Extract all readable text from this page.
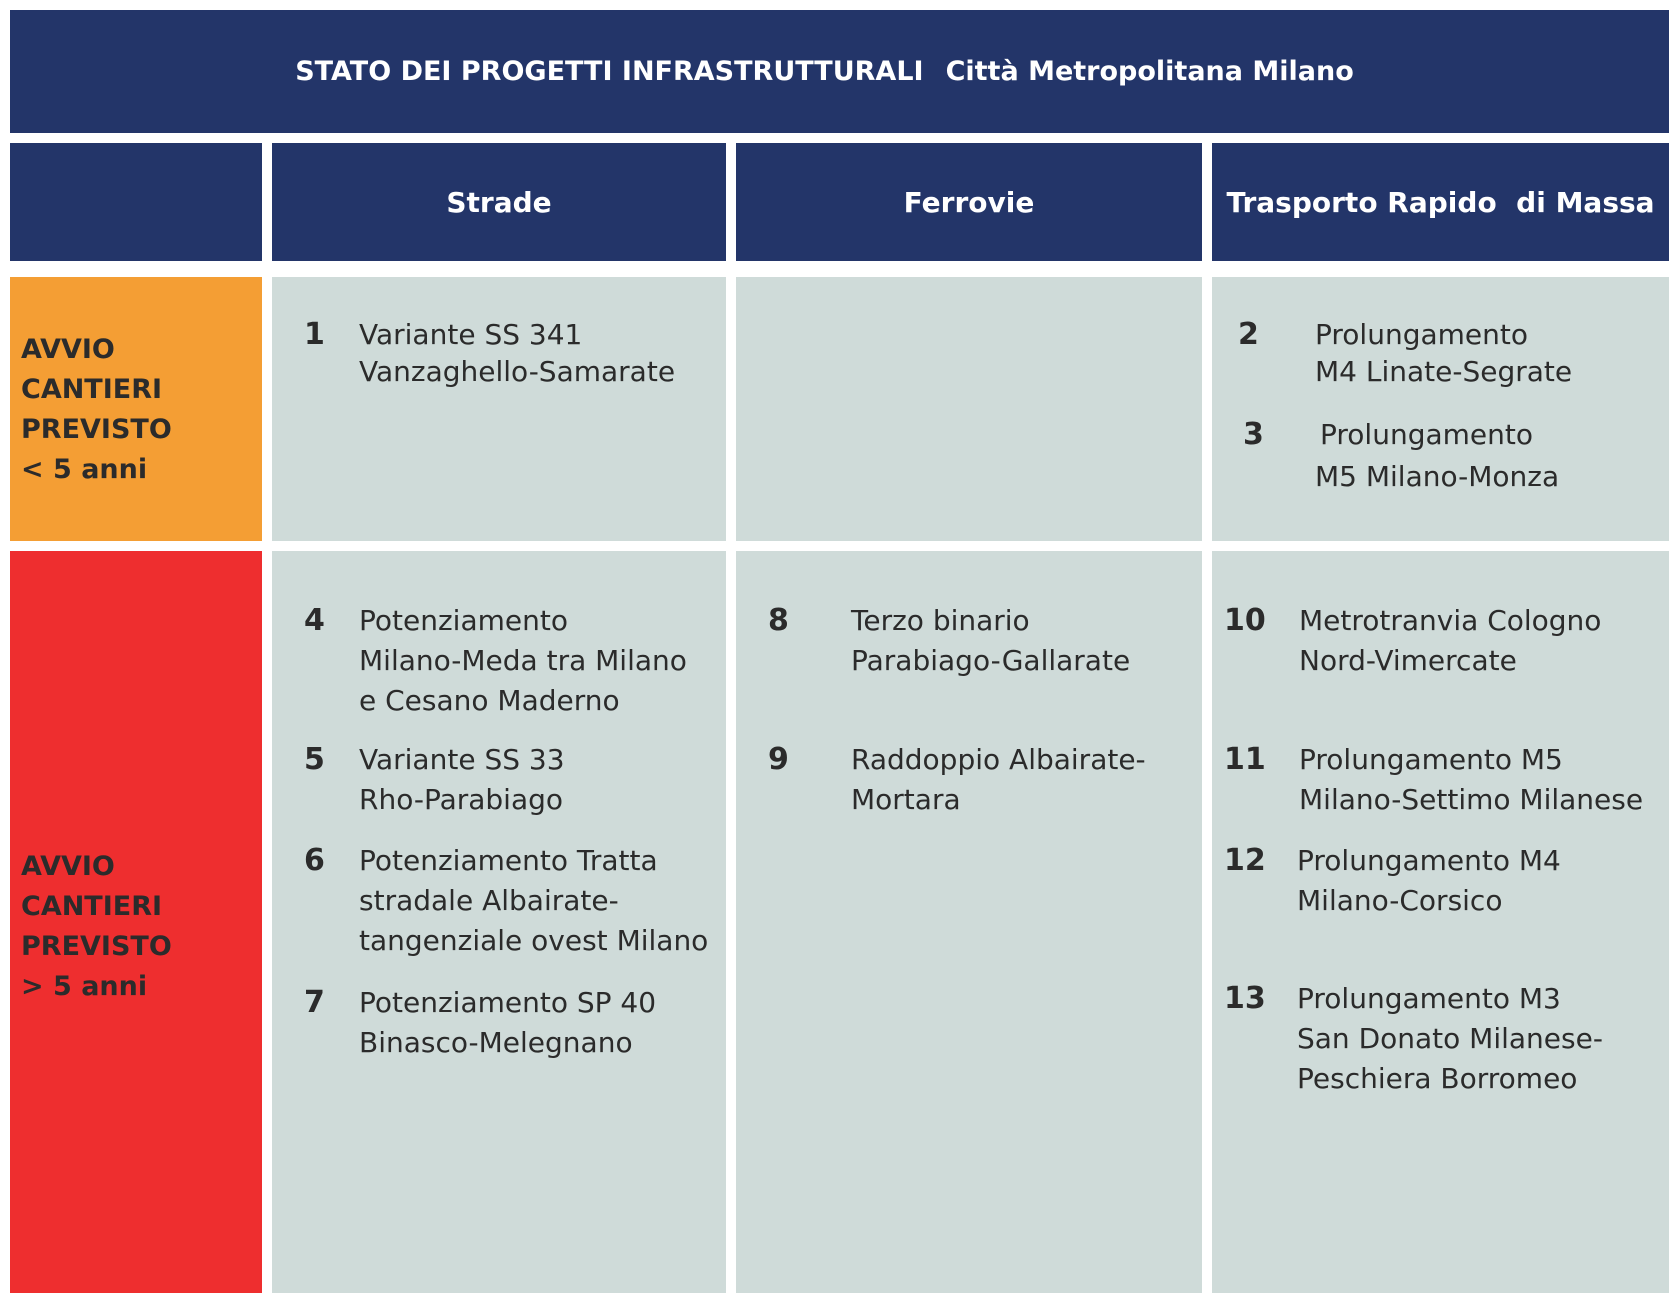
STATO DEI PROGETTI INFRASTRUTTURALI Città Metropolitana Milano
Strade	Ferrovie	Trasporto Rapido  di Massa
AVVIO CANTIERI
PREVISTO
< 5 anni
1 Variante SS 341
Vanzaghello-Samarate
2 Prolungamento
M4 Linate-Segrate
3 Prolungamento
M5 Milano-Monza
AVVIO CANTIERI
PREVISTO
> 5 anni
4 Potenziamento
Milano-Meda tra Milano
e Cesano Maderno
5 Variante SS 33
Rho-Parabiago
6 Potenziamento Tratta
stradale Albairate-
tangenziale ovest Milano
7 Potenziamento SP 40
Binasco-Melegnano
8 Terzo binario
Parabiago-Gallarate
9 Raddoppio Albairate-
Mortara
10 Metrotranvia Cologno
Nord-Vimercate
11 Prolungamento M5
Milano-Settimo Milanese
12 Prolungamento M4
Milano-Corsico
13 Prolungamento M3
San Donato Milanese-
Peschiera Borromeo
